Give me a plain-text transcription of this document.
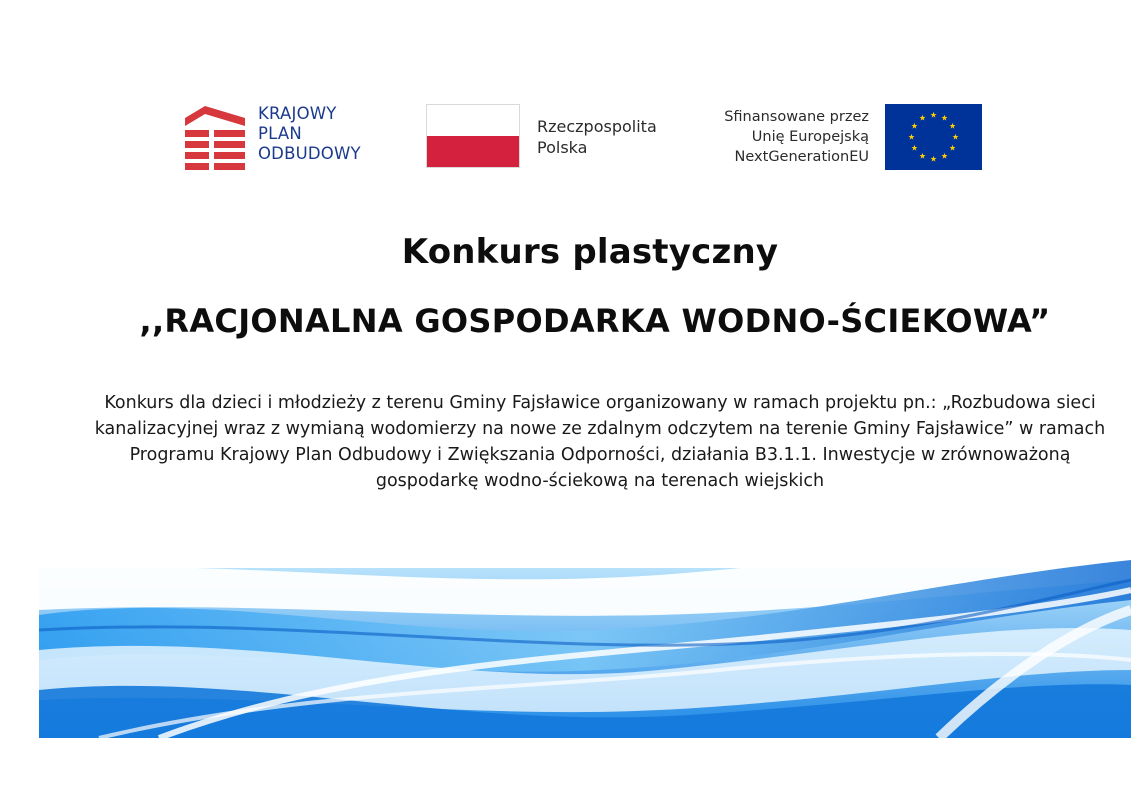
KRAJOWY
PLAN
ODBUDOWY
Rzeczpospolita
Polska
Sfinansowane przez
Unię Europejską
NextGenerationEU
Konkurs plastyczny
,,RACJONALNA GOSPODARKA WODNO-ŚCIEKOWA”
Konkurs dla dzieci i młodzieży z terenu Gminy Fajsławice organizowany w ramach projektu pn.: „Rozbudowa sieci
kanalizacyjnej wraz z wymianą wodomierzy na nowe ze zdalnym odczytem na terenie Gminy Fajsławice” w ramach
Programu Krajowy Plan Odbudowy i Zwiększania Odporności, działania B3.1.1. Inwestycje w zrównoważoną
gospodarkę wodno-ściekową na terenach wiejskich
